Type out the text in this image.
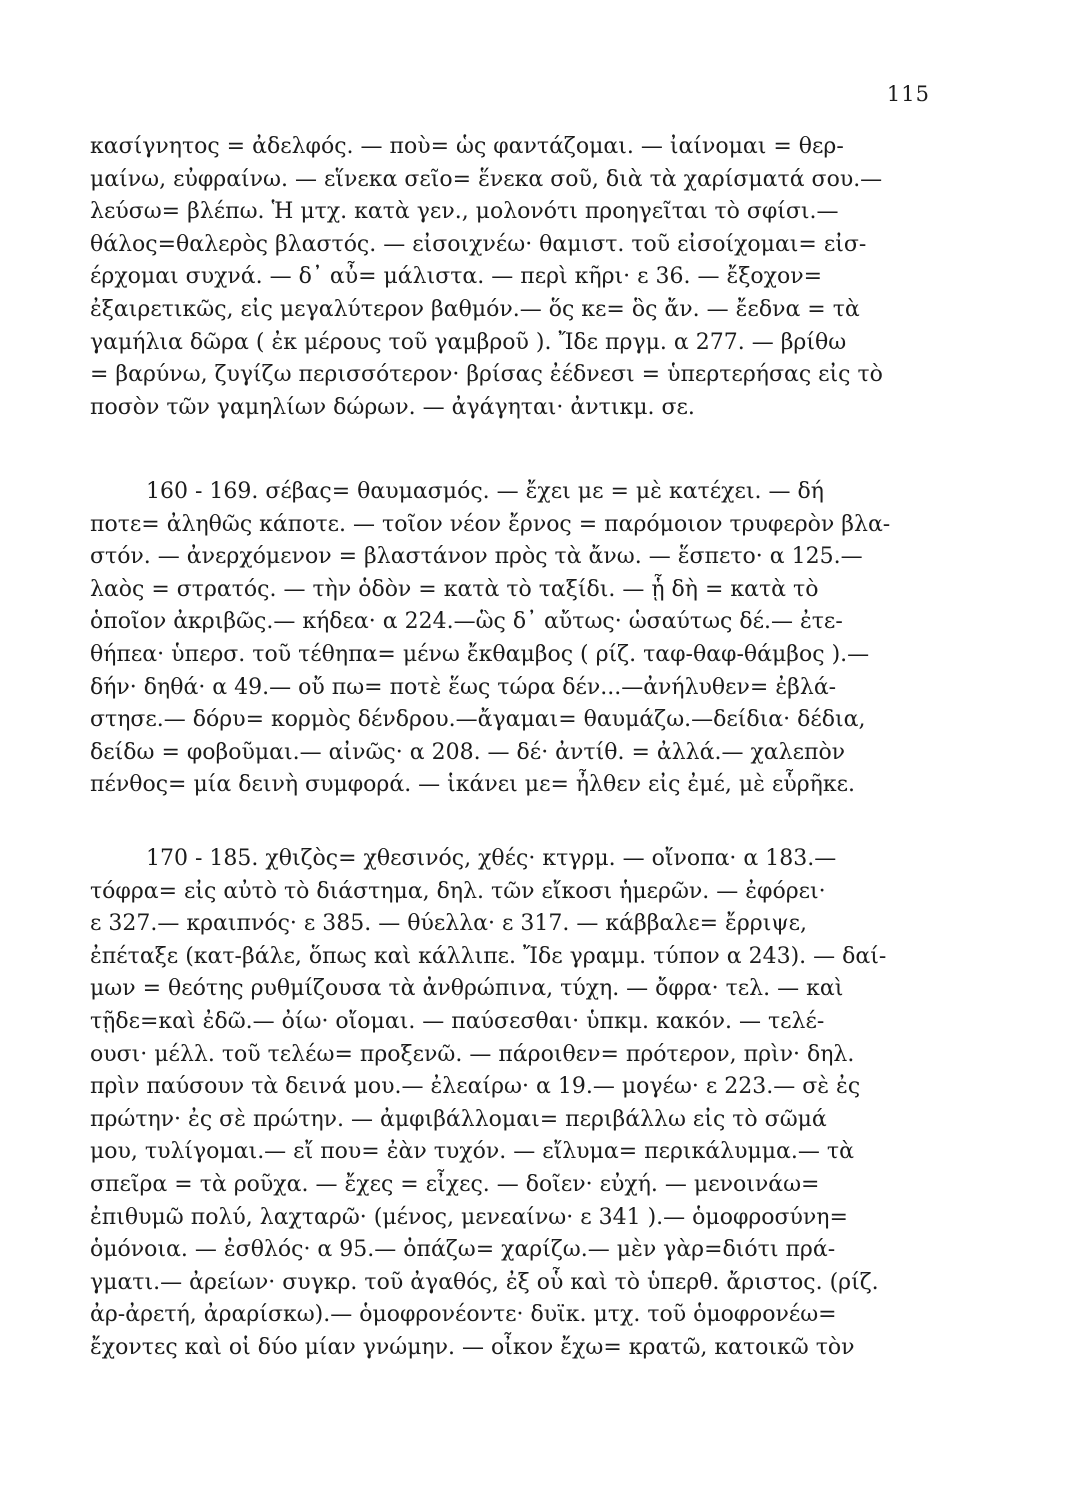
115
κασίγνητος = ἀδελφός. — ποὺ= ὡς φαντάζομαι. — ἰαίνομαι = θερ-
μαίνω, εὐφραίνω. — εἵνεκα σεῖο= ἕνεκα σοῦ, διὰ τὰ χαρίσματά σου.—
λεύσω= βλέπω. Ἡ μτχ. κατὰ γεν., μολονότι προηγεῖται τὸ σφίσι.—
θάλος=θαλερὸς βλαστός. — εἰσοιχνέω· θαμιστ. τοῦ εἰσοίχομαι= εἰσ-
έρχομαι συχνά. — δ᾽ αὖ= μάλιστα. — περὶ κῆρι· ε 36. — ἔξοχον=
ἐξαιρετικῶς, εἰς μεγαλύτερον βαθμόν.— ὅς κε= ὃς ἄν. — ἔεδνα = τὰ
γαμήλια δῶρα ( ἐκ μέρους τοῦ γαμβροῦ ). Ἴδε πργμ. α 277. — βρίθω
= βαρύνω, ζυγίζω περισσότερον· βρίσας ἐέδνεσι = ὑπερτερήσας εἰς τὸ
ποσὸν τῶν γαμηλίων δώρων. — ἀγάγηται· ἀντικμ. σε.
160 - 169. σέβας= θαυμασμός. — ἔχει με = μὲ κατέχει. — δή
ποτε= ἀληθῶς κάποτε. — τοῖον νέον ἔρνος = παρόμοιον τρυφερὸν βλα-
στόν. — ἀνερχόμενον = βλαστάνον πρὸς τὰ ἄνω. — ἕσπετο· α 125.—
λαὸς = στρατός. — τὴν ὁδὸν = κατὰ τὸ ταξίδι. — ᾗ δὴ = κατὰ τὸ
ὁποῖον ἀκριβῶς.— κήδεα· α 224.—ὣς δ᾽ αὔτως· ὡσαύτως δέ.— ἐτε-
θήπεα· ὑπερσ. τοῦ τέθηπα= μένω ἔκθαμβος ( ρίζ. ταφ-θαφ-θάμβος ).—
δήν· δηθά· α 49.— οὔ πω= ποτὲ ἕως τώρα δέν...—ἀνήλυθεν= ἐβλά-
στησε.— δόρυ= κορμὸς δένδρου.—ἄγαμαι= θαυμάζω.—δείδια· δέδια,
δείδω = φοβοῦμαι.— αἰνῶς· α 208. — δέ· ἀντίθ. = ἀλλά.— χαλεπὸν
πένθος= μία δεινὴ συμφορά. — ἱκάνει με= ἦλθεν εἰς ἐμέ, μὲ εὗρῆκε.
170 - 185. χθιζὸς= χθεσινός, χθές· κτγρμ. — οἴνοπα· α 183.—
τόφρα= εἰς αὐτὸ τὸ διάστημα, δηλ. τῶν εἴκοσι ἡμερῶν. — ἐφόρει·
ε 327.— κραιπνός· ε 385. — θύελλα· ε 317. — κάββαλε= ἔρριψε,
ἐπέταξε (κατ-βάλε, ὅπως καὶ κάλλιπε. Ἴδε γραμμ. τύπον α 243). — δαί-
μων = θεότης ρυθμίζουσα τὰ ἀνθρώπινα, τύχη. — ὄφρα· τελ. — καὶ
τῇδε=καὶ ἐδῶ.— ὀίω· οἴομαι. — παύσεσθαι· ὑπκμ. κακόν. — τελέ-
ουσι· μέλλ. τοῦ τελέω= προξενῶ. — πάροιθεν= πρότερον, πρὶν· δηλ.
πρὶν παύσουν τὰ δεινά μου.— ἐλεαίρω· α 19.— μογέω· ε 223.— σὲ ἐς
πρώτην· ἐς σὲ πρώτην. — ἀμφιβάλλομαι= περιβάλλω εἰς τὸ σῶμά
μου, τυλίγομαι.— εἴ που= ἐὰν τυχόν. — εἴλυμα= περικάλυμμα.— τὰ
σπεῖρα = τὰ ροῦχα. — ἔχες = εἶχες. — δοῖεν· εὐχή. — μενοινάω=
ἐπιθυμῶ πολύ, λαχταρῶ· (μένος, μενεαίνω· ε 341 ).— ὁμοφροσύνη=
ὁμόνοια. — ἐσθλός· α 95.— ὀπάζω= χαρίζω.— μὲν γὰρ=διότι πρά-
γματι.— ἀρείων· συγκρ. τοῦ ἀγαθός, ἐξ οὗ καὶ τὸ ὑπερθ. ἄριστος. (ρίζ.
ἀρ-ἀρετή, ἀραρίσκω).— ὁμοφρονέοντε· δυϊκ. μτχ. τοῦ ὁμοφρονέω=
ἔχοντες καὶ οἱ δύο μίαν γνώμην. — οἶκον ἔχω= κρατῶ, κατοικῶ τὸν
